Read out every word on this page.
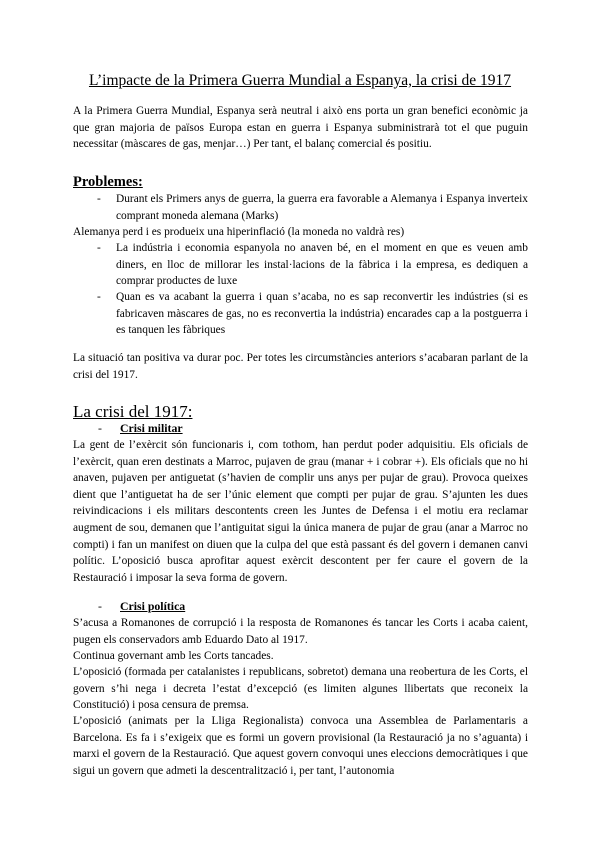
L’impacte de la Primera Guerra Mundial a Espanya, la crisi de 1917

A la Primera Guerra Mundial, Espanya serà neutral i això ens porta un gran benefici econòmic ja que gran majoria de països Europa estan en guerra i Espanya subministrarà tot el que puguin necessitar (màscares de gas, menjar…) Per tant, el balanç comercial és positiu.

Problemes:
-	Durant els Primers anys de guerra, la guerra era favorable a Alemanya i Espanya inverteix comprant moneda alemana (Marks)

Alemanya perd i es produeix una hiperinflació (la moneda no valdrà res)

-	La indústria i economia espanyola no anaven bé, en el moment en que es veuen amb diners, en lloc de millorar les instal·lacions de la fàbrica i la empresa, es dediquen a comprar productes de luxe
-	Quan es va acabant la guerra i quan s’acaba, no es sap reconvertir les indústries (si es fabricaven màscares de gas, no es reconvertia la indústria) encarades cap a la postguerra i es tanquen les fàbriques

La situació tan positiva va durar poc. Per totes les circumstàncies anteriors s’acabaran parlant de la crisi del 1917.

La crisi del 1917:
- Crisi militar

La gent de l’exèrcit són funcionaris i, com tothom, han perdut poder adquisitiu. Els oficials de l’exèrcit, quan eren destinats a Marroc, pujaven de grau (manar + i cobrar +). Els oficials que no hi anaven, pujaven per antiguetat (s’havien de complir uns anys per pujar de grau). Provoca queixes dient que l’antiguetat ha de ser l’únic element que compti per pujar de grau. S’ajunten les dues reivindicacions i els militars descontents creen les Juntes de Defensa i el motiu era reclamar augment de sou, demanen que l’antiguitat sigui la única manera de pujar de grau (anar a Marroc no compti) i fan un manifest on diuen que la culpa del que està passant és del govern i demanen canvi polític. L’oposició busca aprofitar aquest exèrcit descontent per fer caure el govern de la Restauració i imposar la seva forma de govern.

- Crisi política

S’acusa a Romanones de corrupció i la resposta de Romanones és tancar les Corts i acaba caient, pugen els conservadors amb Eduardo Dato al 1917.

Continua governant amb les Corts tancades.

L’oposició (formada per catalanistes i republicans, sobretot) demana una reobertura de les Corts, el govern s’hi nega i decreta l’estat d’excepció (es limiten algunes llibertats que reconeix la Constitució) i posa censura de premsa.

L’oposició (animats per la Lliga Regionalista) convoca una Assemblea de Parlamentaris a Barcelona. Es fa i s’exigeix que es formi un govern provisional (la Restauració ja no s’aguanta) i marxi el govern de la Restauració. Que aquest govern convoqui unes eleccions democràtiques i que sigui un govern que admeti la descentralització i, per tant, l’autonomia
